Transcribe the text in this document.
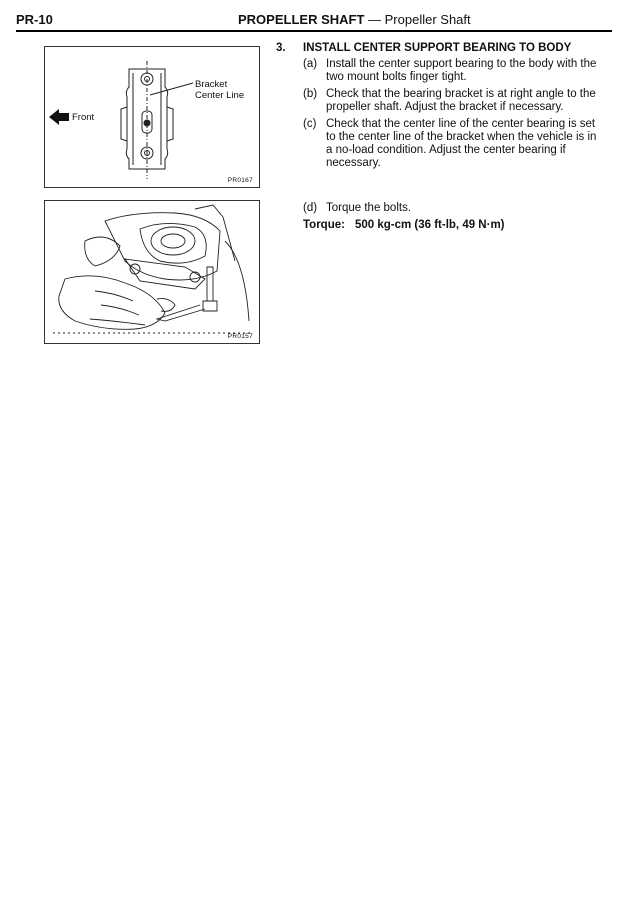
PR-10	PROPELLER SHAFT — Propeller Shaft
Bracket
Center Line
Front
PR0167
PR0157
3. INSTALL CENTER SUPPORT BEARING TO BODY
(a) Install the center support bearing to the body with the two mount bolts finger tight.
(b) Check that the bearing bracket is at right angle to the propeller shaft. Adjust the bracket if necessary.
(c) Check that the center line of the center bearing is set to the center line of the bracket when the vehicle is in a no-load condition. Adjust the center bearing if necessary.
(d) Torque the bolts.
Torque: 500 kg-cm (36 ft-lb, 49 N·m)
